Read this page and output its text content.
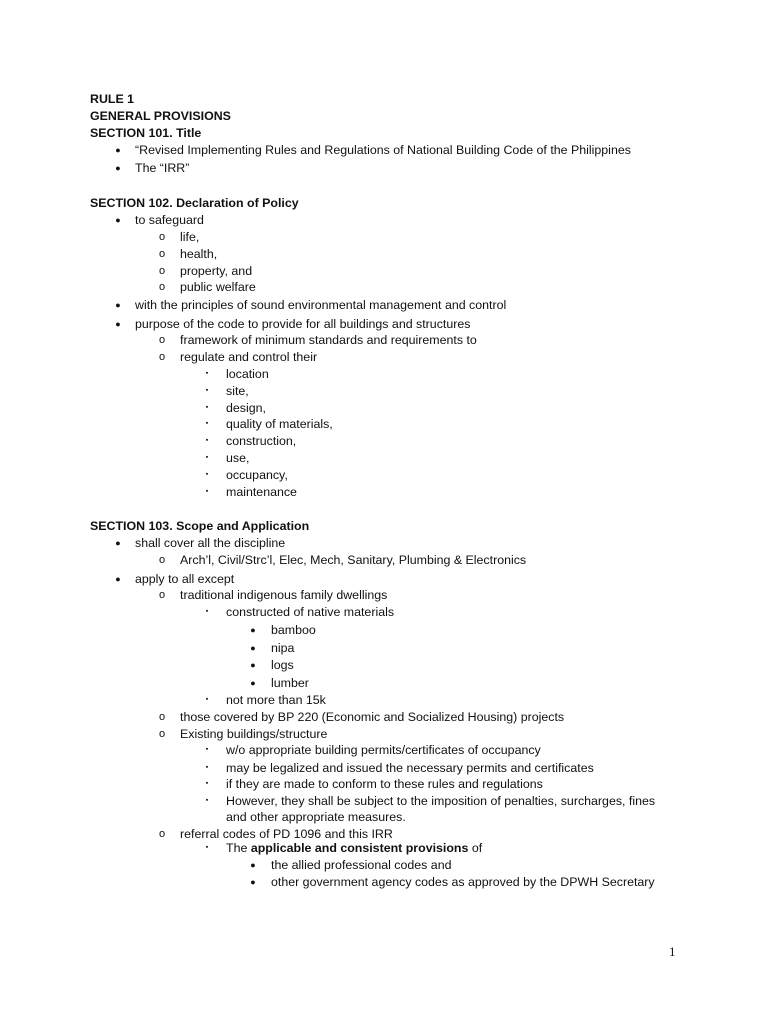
RULE 1
GENERAL PROVISIONS
SECTION 101. Title
●	“Revised Implementing Rules and Regulations of National Building Code of the Philippines
●	The “IRR”
SECTION 102. Declaration of Policy
●	to safeguard
o	life,
o	health,
o	property, and
o	public welfare
●	with the principles of sound environmental management and control
●	purpose of the code to provide for all buildings and structures
o	framework of minimum standards and requirements to
o	regulate and control their
▪	location
▪	site,
▪	design,
▪	quality of materials,
▪	construction,
▪	use,
▪	occupancy,
▪	maintenance
SECTION 103. Scope and Application
●	shall cover all the discipline
o	Arch’l, Civil/Strc’l, Elec, Mech, Sanitary, Plumbing & Electronics
●	apply to all except
o	traditional indigenous family dwellings
▪	constructed of native materials
●	bamboo
●	nipa
●	logs
●	lumber
▪	not more than 15k
o	those covered by BP 220 (Economic and Socialized Housing) projects
o	Existing buildings/structure
▪	w/o appropriate building permits/certificates of occupancy
▪	may be legalized and issued the necessary permits and certificates
▪	if they are made to conform to these rules and regulations
▪	However, they shall be subject to the imposition of penalties, surcharges, fines
and other appropriate measures.
o	referral codes of PD 1096 and this IRR
▪	The applicable and consistent provisions of
●	the allied professional codes and
●	other government agency codes as approved by the DPWH Secretary
1
